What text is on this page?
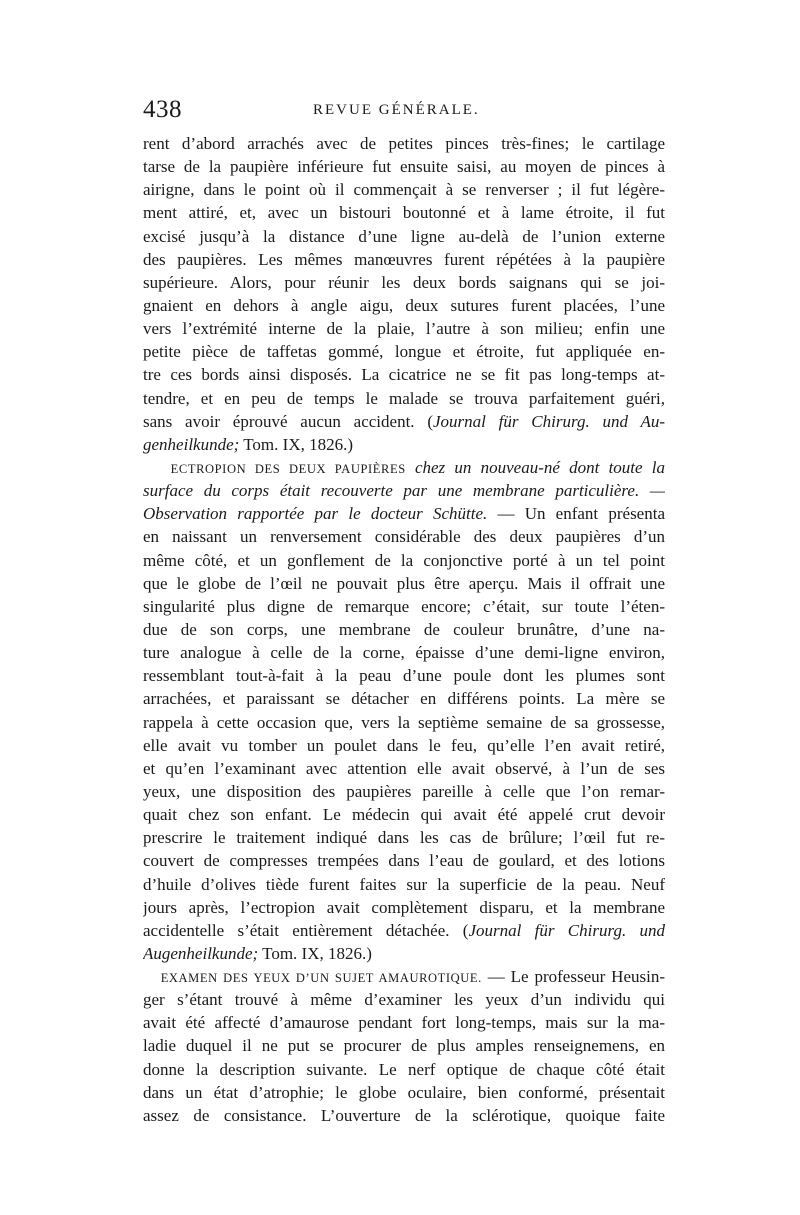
438	REVUE GÉNÉRALE.
rent d’abord arrachés avec de petites pinces très-fines; le cartilage
tarse de la paupière inférieure fut ensuite saisi, au moyen de pinces à
airigne, dans le point où il commençait à se renverser ; il fut légère-
ment attiré, et, avec un bistouri boutonné et à lame étroite, il fut
excisé jusqu’à la distance d’une ligne au-delà de l’union externe
des paupières. Les mêmes manœuvres furent répétées à la paupière
supérieure. Alors, pour réunir les deux bords saignans qui se joi-
gnaient en dehors à angle aigu, deux sutures furent placées, l’une
vers l’extrémité interne de la plaie, l’autre à son milieu; enfin une
petite pièce de taffetas gommé, longue et étroite, fut appliquée en-
tre ces bords ainsi disposés. La cicatrice ne se fit pas long-temps at-
tendre, et en peu de temps le malade se trouva parfaitement guéri,
sans avoir éprouvé aucun accident. (Journal für Chirurg. und Au-
genheilkunde; Tom. IX, 1826.)
ECTROPION DES DEUX PAUPIÈRES chez un nouveau-né dont toute la
surface du corps était recouverte par une membrane particulière. —
Observation rapportée par le docteur Schütte. — Un enfant présenta
en naissant un renversement considérable des deux paupières d’un
même côté, et un gonflement de la conjonctive porté à un tel point
que le globe de l’œil ne pouvait plus être aperçu. Mais il offrait une
singularité plus digne de remarque encore; c’était, sur toute l’éten-
due de son corps, une membrane de couleur brunâtre, d’une na-
ture analogue à celle de la corne, épaisse d’une demi-ligne environ,
ressemblant tout-à-fait à la peau d’une poule dont les plumes sont
arrachées, et paraissant se détacher en différens points. La mère se
rappela à cette occasion que, vers la septième semaine de sa grossesse,
elle avait vu tomber un poulet dans le feu, qu’elle l’en avait retiré,
et qu’en l’examinant avec attention elle avait observé, à l’un de ses
yeux, une disposition des paupières pareille à celle que l’on remar-
quait chez son enfant. Le médecin qui avait été appelé crut devoir
prescrire le traitement indiqué dans les cas de brûlure; l’œil fut re-
couvert de compresses trempées dans l’eau de goulard, et des lotions
d’huile d’olives tiède furent faites sur la superficie de la peau. Neuf
jours après, l’ectropion avait complètement disparu, et la membrane
accidentelle s’était entièrement détachée. (Journal für Chirurg. und
Augenheilkunde; Tom. IX, 1826.)
EXAMEN DES YEUX D’UN SUJET AMAUROTIQUE. — Le professeur Heusin-
ger s’étant trouvé à même d’examiner les yeux d’un individu qui
avait été affecté d’amaurose pendant fort long-temps, mais sur la ma-
ladie duquel il ne put se procurer de plus amples renseignemens, en
donne la description suivante. Le nerf optique de chaque côté était
dans un état d’atrophie; le globe oculaire, bien conformé, présentait
assez de consistance. L’ouverture de la sclérotique, quoique faite
